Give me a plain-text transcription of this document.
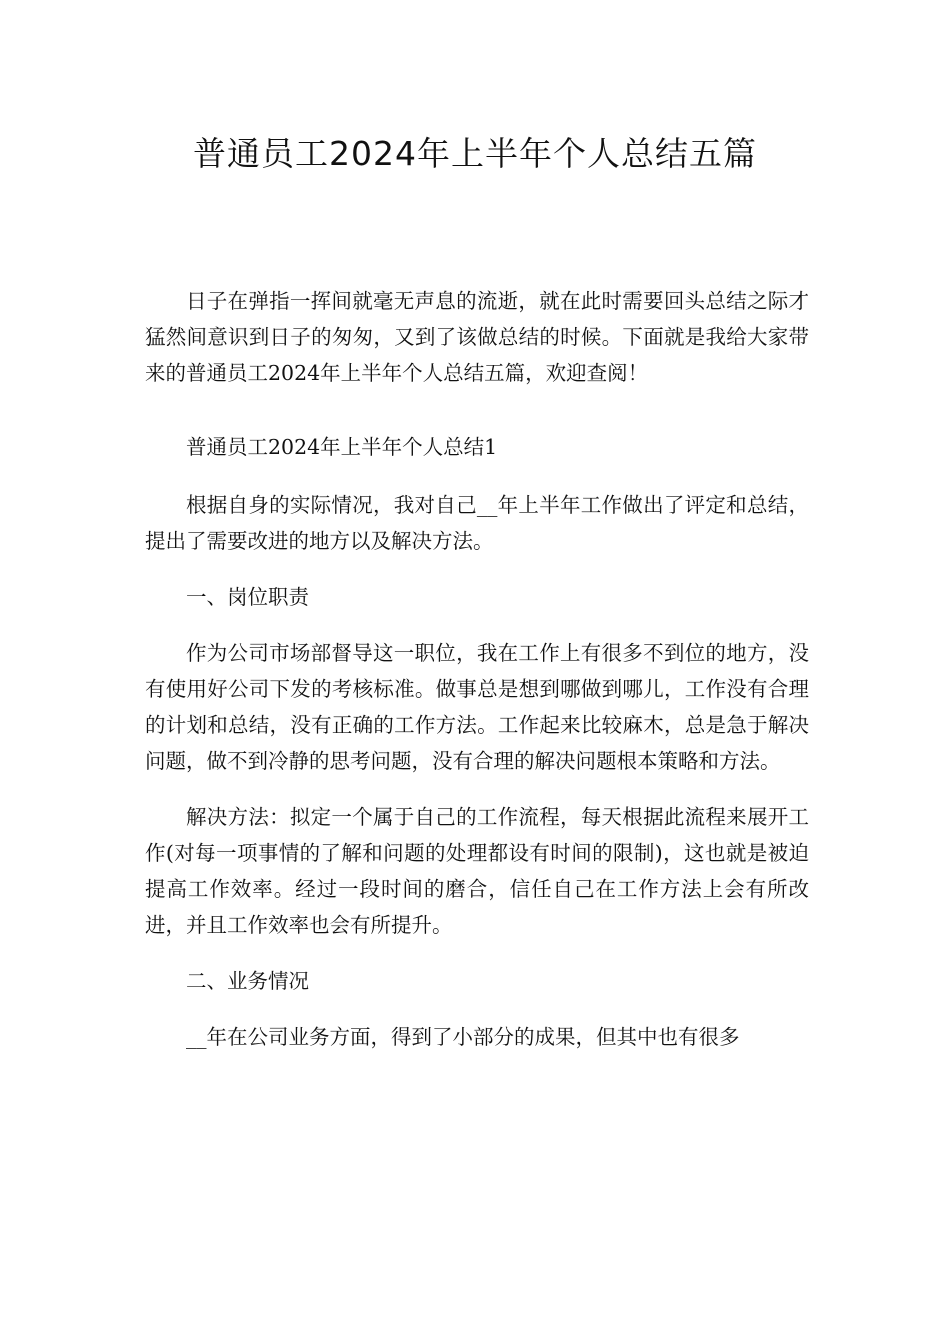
普通员工2024年上半年个人总结五篇

日子在弹指一挥间就毫无声息的流逝，就在此时需要回头总结之际才猛然间意识到日子的匆匆，又到了该做总结的时候。下面就是我给大家带来的普通员工2024年上半年个人总结五篇，欢迎查阅！

普通员工2024年上半年个人总结1

根据自身的实际情况，我对自己__年上半年工作做出了评定和总结，提出了需要改进的地方以及解决方法。

一、岗位职责

作为公司市场部督导这一职位，我在工作上有很多不到位的地方，没有使用好公司下发的考核标准。做事总是想到哪做到哪儿，工作没有合理的计划和总结，没有正确的工作方法。工作起来比较麻木，总是急于解决问题，做不到冷静的思考问题，没有合理的解决问题根本策略和方法。

解决方法：拟定一个属于自己的工作流程，每天根据此流程来展开工作(对每一项事情的了解和问题的处理都设有时间的限制)，这也就是被迫提高工作效率。经过一段时间的磨合，信任自己在工作方法上会有所改进，并且工作效率也会有所提升。

二、业务情况

__年在公司业务方面，得到了小部分的成果，但其中也有很多
